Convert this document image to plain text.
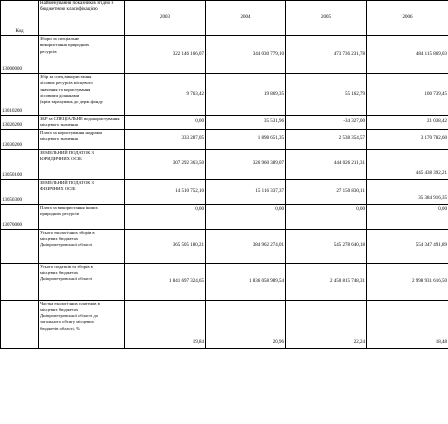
Код	Найменування показників згідно з бюджетною класифікацією	2003	2004	2005	2006
13000000	Збори за спеціальне
використання природних
ресурсів	322 146 166,07	344 030 779,10	473 736 231,78	484 115 869,03
13010200	Збір за спец.використання
лісових ресурсів місцевого
значення та користування
лісовими ділянками
(крім зарахувань до держ.фонду	9 763,42	19 869,35	55 162,79	100 739,45
13020200	ЗБР за СПЕЦІАЛЬНЕ водокористування
місцевого значення	0,00	35 531,96	-34 327,00	21 038,42
13030200	Плата за користування надрами
місцевого значення	333 287,05	1 898 651,35	2 538 354,57	3 170 782,60
13050100	ЗЕМЕЛЬНИЙ ПОДАТОК З
ЮРИДИЧНИХ ОСІБ	307 292 363,50	326 960 389,07	444 026 211,31	445 438 392,21
13050300	ЗЕМЕЛЬНИЙ ПОДАТОК З
ФІЗИЧНИХ ОСІБ	14 510 752,10	15 116 337,37	27 150 830,11	35 384 916,35
13070000	Плата за використання інших
природних ресурсів	0,00	0,00	0,00	0,00

	Усього екологічних зборів в
місцевих бюджетах
Дніпропетровської області	365 505 180,21	384 962 274,01	545 278 640,18	554 347 491,89

	Усього податків та зборів в
місцевих бюджетах
Дніпропетровської області	1 841 697 324,65	1 836 058 989,54	2 450 815 748,31	2 998 931 616,50

	Частка екологічних платежів в
місцевих бюджетах
Дніпропетровської області до
загального обсягу місцевих
бюджетів області, %	19,84	20,96	22,24	18,48
